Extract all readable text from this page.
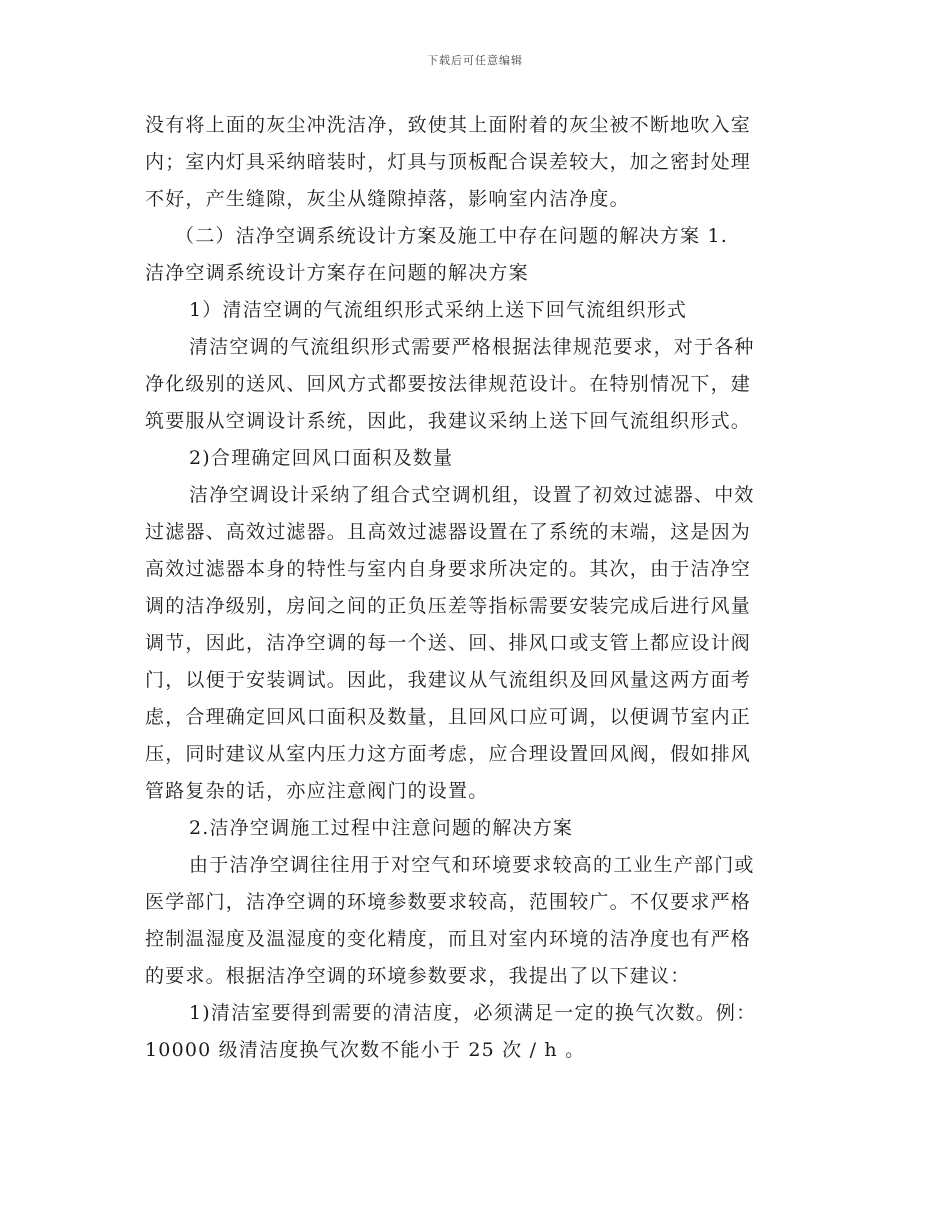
下载后可任意编辑
没有将上面的灰尘冲洗洁净，致使其上面附着的灰尘被不断地吹入室
内；室内灯具采纳暗装时，灯具与顶板配合误差较大，加之密封处理
不好，产生缝隙，灰尘从缝隙掉落，影响室内洁净度。
（二）洁净空调系统设计方案及施工中存在问题的解决方案 1.
洁净空调系统设计方案存在问题的解决方案
1）清洁空调的气流组织形式采纳上送下回气流组织形式
清洁空调的气流组织形式需要严格根据法律规范要求，对于各种
净化级别的送风、回风方式都要按法律规范设计。在特别情况下，建
筑要服从空调设计系统，因此，我建议采纳上送下回气流组织形式。
2)合理确定回风口面积及数量
洁净空调设计采纳了组合式空调机组，设置了初效过滤器、中效
过滤器、高效过滤器。且高效过滤器设置在了系统的末端，这是因为
高效过滤器本身的特性与室内自身要求所决定的。其次，由于洁净空
调的洁净级别，房间之间的正负压差等指标需要安装完成后进行风量
调节，因此，洁净空调的每一个送、回、排风口或支管上都应设计阀
门，以便于安装调试。因此，我建议从气流组织及回风量这两方面考
虑，合理确定回风口面积及数量，且回风口应可调，以便调节室内正
压，同时建议从室内压力这方面考虑，应合理设置回风阀，假如排风
管路复杂的话，亦应注意阀门的设置。
2.洁净空调施工过程中注意问题的解决方案
由于洁净空调往往用于对空气和环境要求较高的工业生产部门或
医学部门，洁净空调的环境参数要求较高，范围较广。不仅要求严格
控制温湿度及温湿度的变化精度，而且对室内环境的洁净度也有严格
的要求。根据洁净空调的环境参数要求，我提出了以下建议：
1)清洁室要得到需要的清洁度，必须满足一定的换气次数。例：
10000 级清洁度换气次数不能小于 25 次 / h 。
